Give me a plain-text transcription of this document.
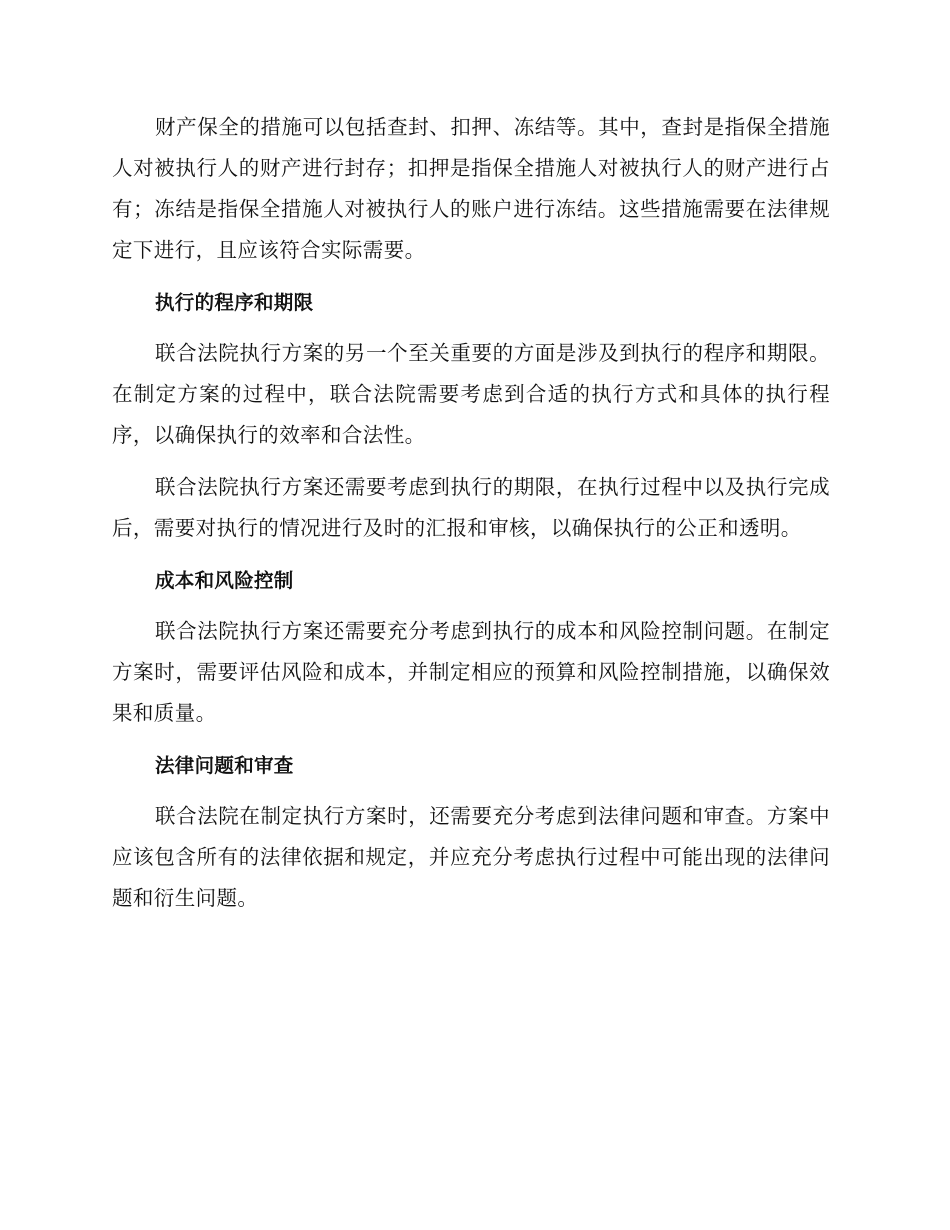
财产保全的措施可以包括查封、扣押、冻结等。其中，查封是指保全措施人对被执行人的财产进行封存；扣押是指保全措施人对被执行人的财产进行占有；冻结是指保全措施人对被执行人的账户进行冻结。这些措施需要在法律规定下进行，且应该符合实际需要。

执行的程序和期限

联合法院执行方案的另一个至关重要的方面是涉及到执行的程序和期限。在制定方案的过程中，联合法院需要考虑到合适的执行方式和具体的执行程序，以确保执行的效率和合法性。

联合法院执行方案还需要考虑到执行的期限，在执行过程中以及执行完成后，需要对执行的情况进行及时的汇报和审核，以确保执行的公正和透明。

成本和风险控制

联合法院执行方案还需要充分考虑到执行的成本和风险控制问题。在制定方案时，需要评估风险和成本，并制定相应的预算和风险控制措施，以确保效果和质量。

法律问题和审查

联合法院在制定执行方案时，还需要充分考虑到法律问题和审查。方案中应该包含所有的法律依据和规定，并应充分考虑执行过程中可能出现的法律问题和衍生问题。
